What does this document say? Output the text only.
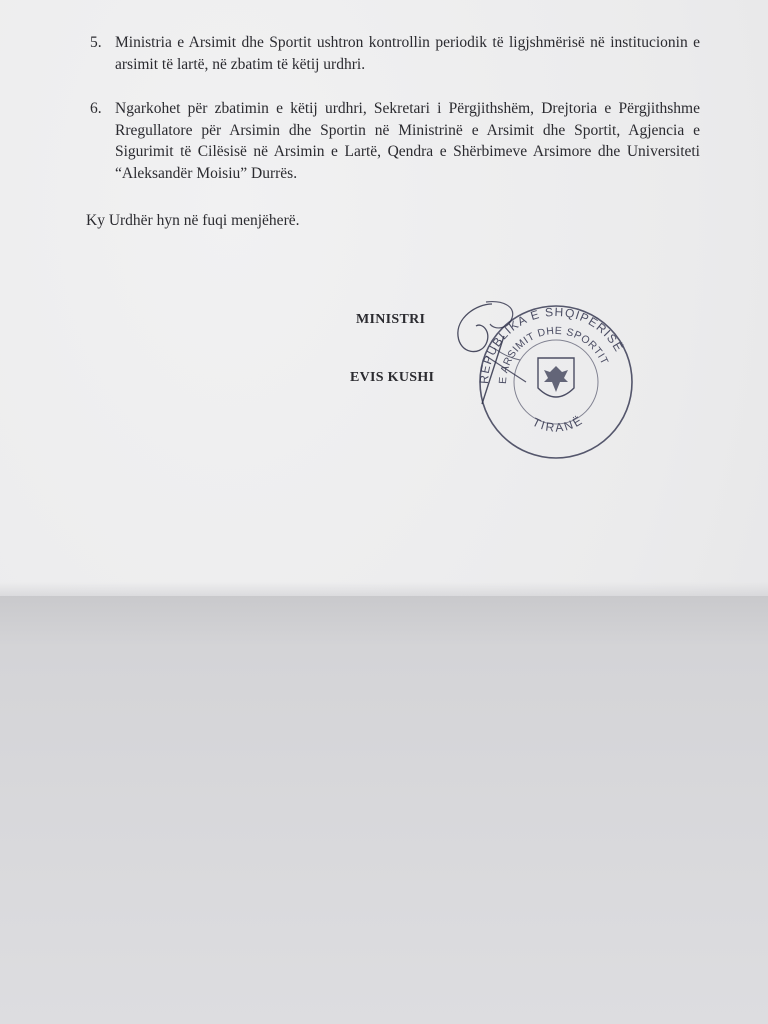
5. Ministria e Arsimit dhe Sportit ushtron kontrollin periodik të ligjshmërisë në institucionin e arsimit të lartë, në zbatim të këtij urdhri.
6. Ngarkohet për zbatimin e këtij urdhri, Sekretari i Përgjithshëm, Drejtoria e Përgjithshme Rregullatore për Arsimin dhe Sportin në Ministrinë e Arsimit dhe Sportit, Agjencia e Sigurimit të Cilësisë në Arsimin e Lartë, Qendra e Shërbimeve Arsimore dhe Universiteti “Aleksandër Moisiu” Durrës.
Ky Urdhër hyn në fuqi menjëherë.
MINISTRI
EVIS KUSHI	REPUBLIKA E SHQIPËRISË
E ARSIMIT DHE SPORTIT
TIRANË
